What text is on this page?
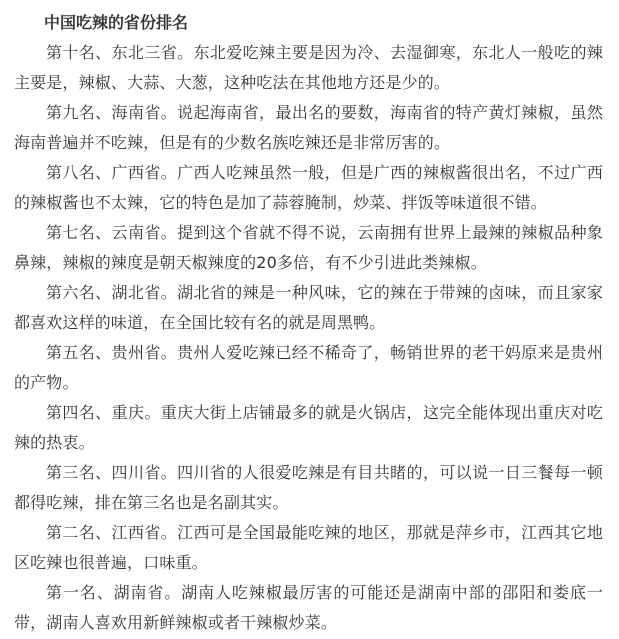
中国吃辣的省份排名

第十名、东北三省。东北爱吃辣主要是因为冷、去湿御寒，东北人一般吃的辣主要是，辣椒、大蒜、大葱，这种吃法在其他地方还是少的。

第九名、海南省。说起海南省，最出名的要数，海南省的特产黄灯辣椒，虽然海南普遍并不吃辣，但是有的少数名族吃辣还是非常厉害的。

第八名、广西省。广西人吃辣虽然一般，但是广西的辣椒酱很出名，不过广西的辣椒酱也不太辣，它的特色是加了蒜蓉腌制，炒菜、拌饭等味道很不错。

第七名、云南省。提到这个省就不得不说，云南拥有世界上最辣的辣椒品种象鼻辣，辣椒的辣度是朝天椒辣度的20多倍，有不少引进此类辣椒。

第六名、湖北省。湖北省的辣是一种风味，它的辣在于带辣的卤味，而且家家都喜欢这样的味道，在全国比较有名的就是周黑鸭。

第五名、贵州省。贵州人爱吃辣已经不稀奇了，畅销世界的老干妈原来是贵州的产物。

第四名、重庆。重庆大街上店铺最多的就是火锅店，这完全能体现出重庆对吃辣的热衷。

第三名、四川省。四川省的人很爱吃辣是有目共睹的，可以说一日三餐每一顿都得吃辣，排在第三名也是名副其实。

第二名、江西省。江西可是全国最能吃辣的地区，那就是萍乡市，江西其它地区吃辣也很普遍，口味重。

第一名、湖南省。湖南人吃辣椒最厉害的可能还是湖南中部的邵阳和娄底一带，湖南人喜欢用新鲜辣椒或者干辣椒炒菜。
